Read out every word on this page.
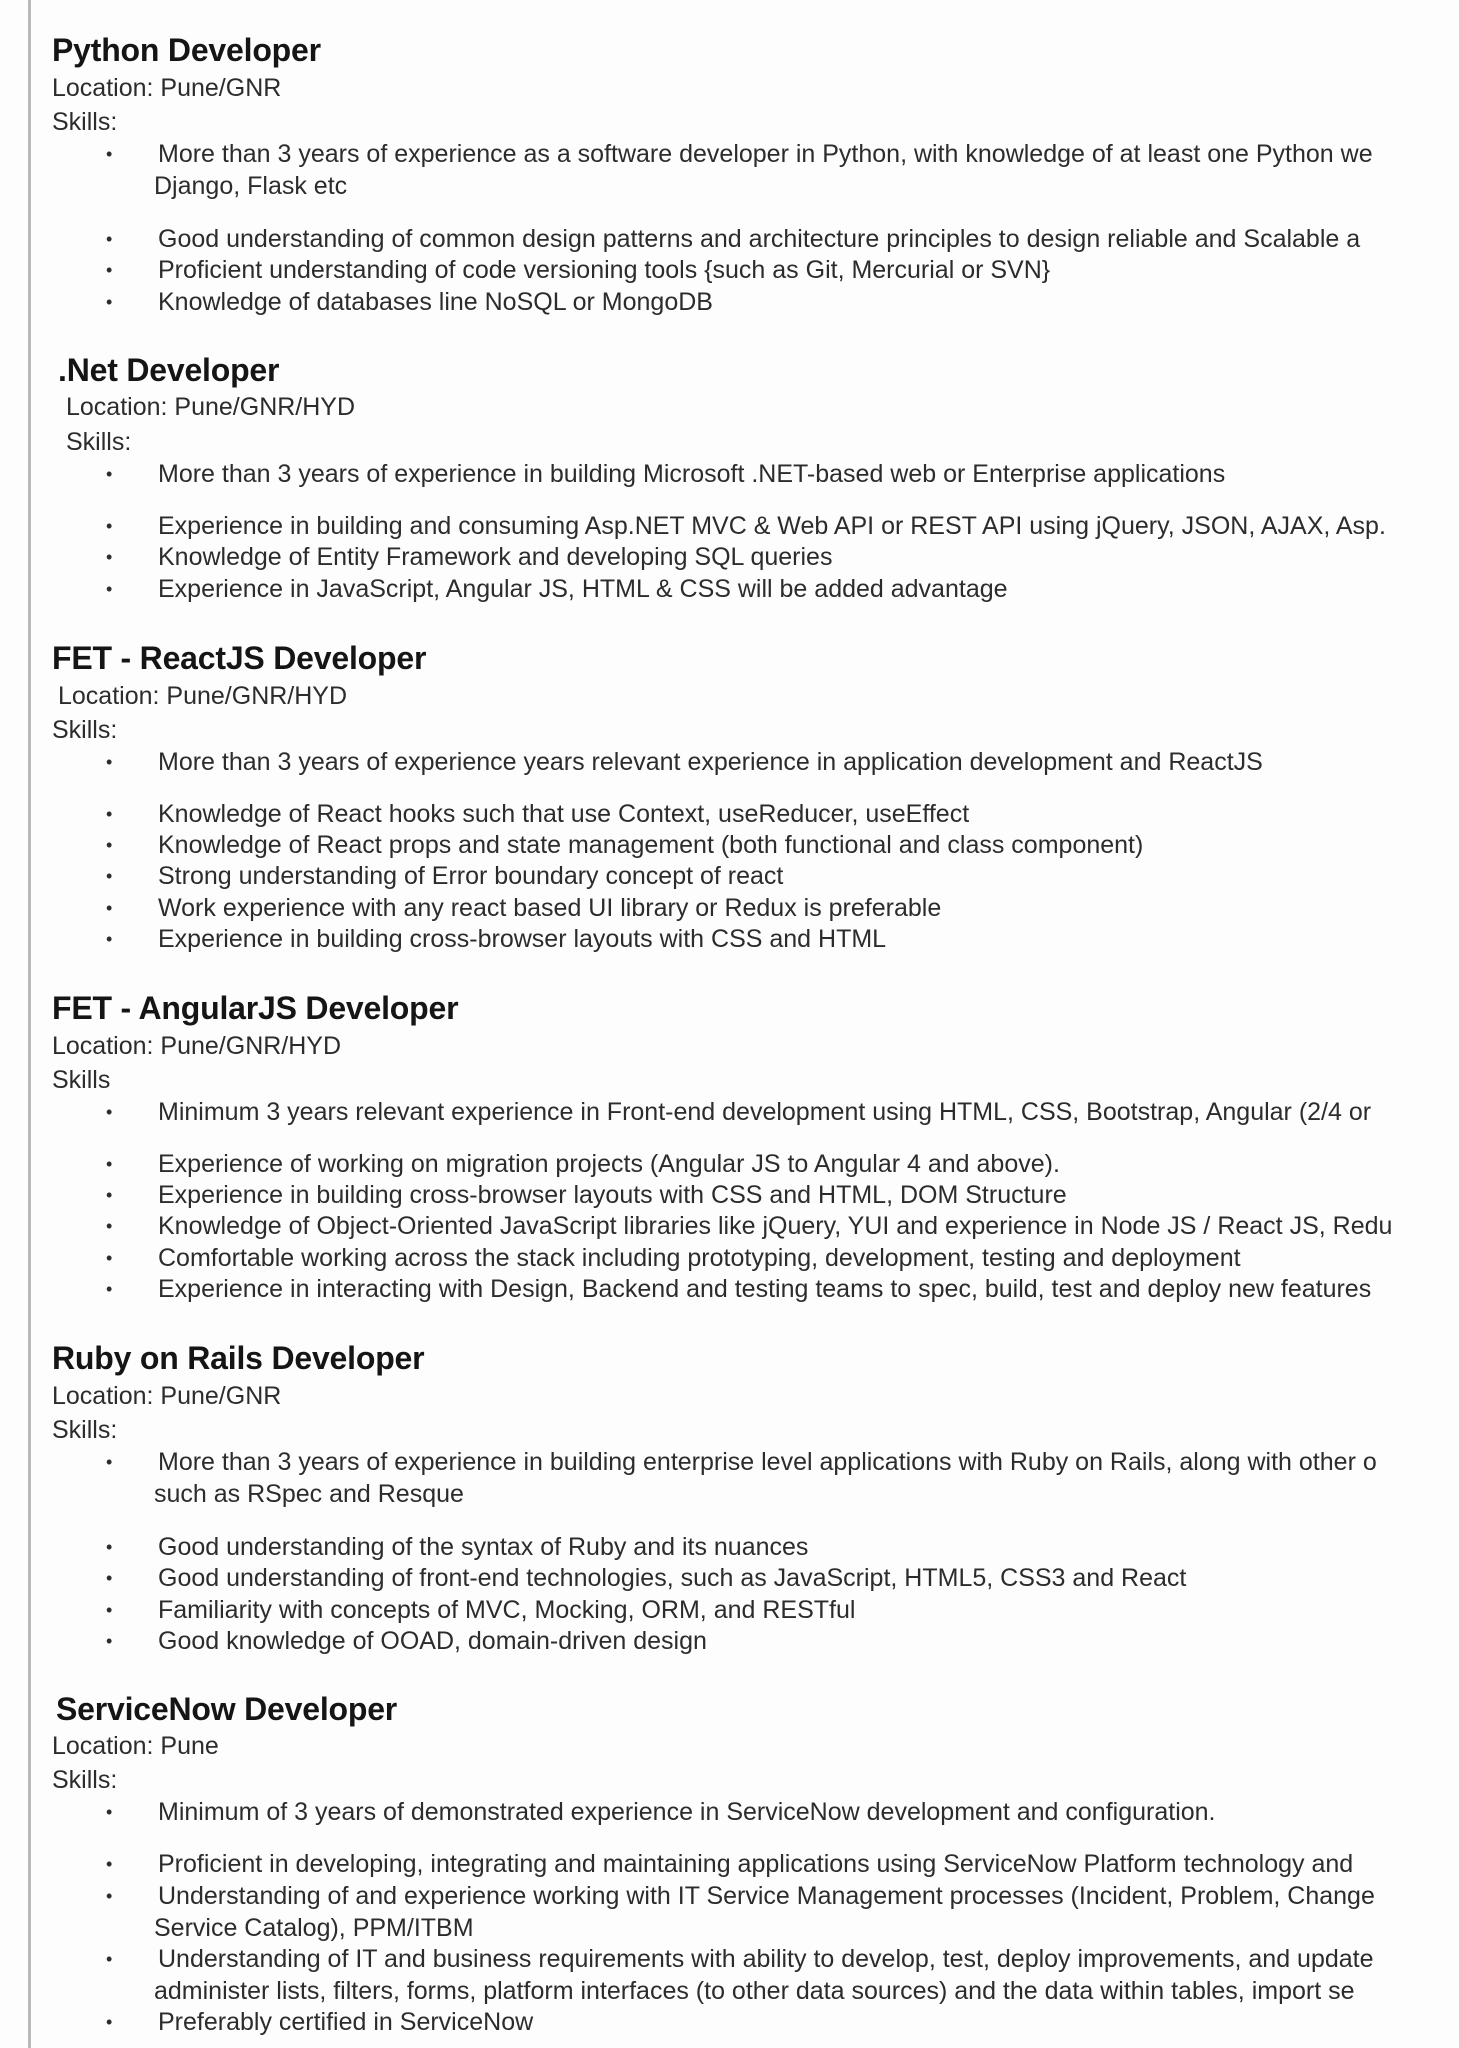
Python Developer
Location: Pune/GNR
Skills:
• More than 3 years of experience as a software developer in Python, with knowledge of at least one Python we
Django, Flask etc
• Good understanding of common design patterns and architecture principles to design reliable and Scalable a
• Proficient understanding of code versioning tools {such as Git, Mercurial or SVN}
• Knowledge of databases line NoSQL or MongoDB
.Net Developer
Location: Pune/GNR/HYD
Skills:
• More than 3 years of experience in building Microsoft .NET-based web or Enterprise applications
• Experience in building and consuming Asp.NET MVC & Web API or REST API using jQuery, JSON, AJAX, Asp.
• Knowledge of Entity Framework and developing SQL queries
• Experience in JavaScript, Angular JS, HTML & CSS will be added advantage
FET - ReactJS Developer
Location: Pune/GNR/HYD
Skills:
• More than 3 years of experience years relevant experience in application development and ReactJS
• Knowledge of React hooks such that use Context, useReducer, useEffect
• Knowledge of React props and state management (both functional and class component)
• Strong understanding of Error boundary concept of react
• Work experience with any react based UI library or Redux is preferable
• Experience in building cross-browser layouts with CSS and HTML
FET - AngularJS Developer
Location: Pune/GNR/HYD
Skills
• Minimum 3 years relevant experience in Front-end development using HTML, CSS, Bootstrap, Angular (2/4 or
• Experience of working on migration projects (Angular JS to Angular 4 and above).
• Experience in building cross-browser layouts with CSS and HTML, DOM Structure
• Knowledge of Object-Oriented JavaScript libraries like jQuery, YUI and experience in Node JS / React JS, Redu
• Comfortable working across the stack including prototyping, development, testing and deployment
• Experience in interacting with Design, Backend and testing teams to spec, build, test and deploy new features
Ruby on Rails Developer
Location: Pune/GNR
Skills:
• More than 3 years of experience in building enterprise level applications with Ruby on Rails, along with other o
such as RSpec and Resque
• Good understanding of the syntax of Ruby and its nuances
• Good understanding of front-end technologies, such as JavaScript, HTML5, CSS3 and React
• Familiarity with concepts of MVC, Mocking, ORM, and RESTful
• Good knowledge of OOAD, domain-driven design
ServiceNow Developer
Location: Pune
Skills:
• Minimum of 3 years of demonstrated experience in ServiceNow development and configuration.
• Proficient in developing, integrating and maintaining applications using ServiceNow Platform technology and
• Understanding of and experience working with IT Service Management processes (Incident, Problem, Change
Service Catalog), PPM/ITBM
• Understanding of IT and business requirements with ability to develop, test, deploy improvements, and update
administer lists, filters, forms, platform interfaces (to other data sources) and the data within tables, import se
• Preferably certified in ServiceNow
